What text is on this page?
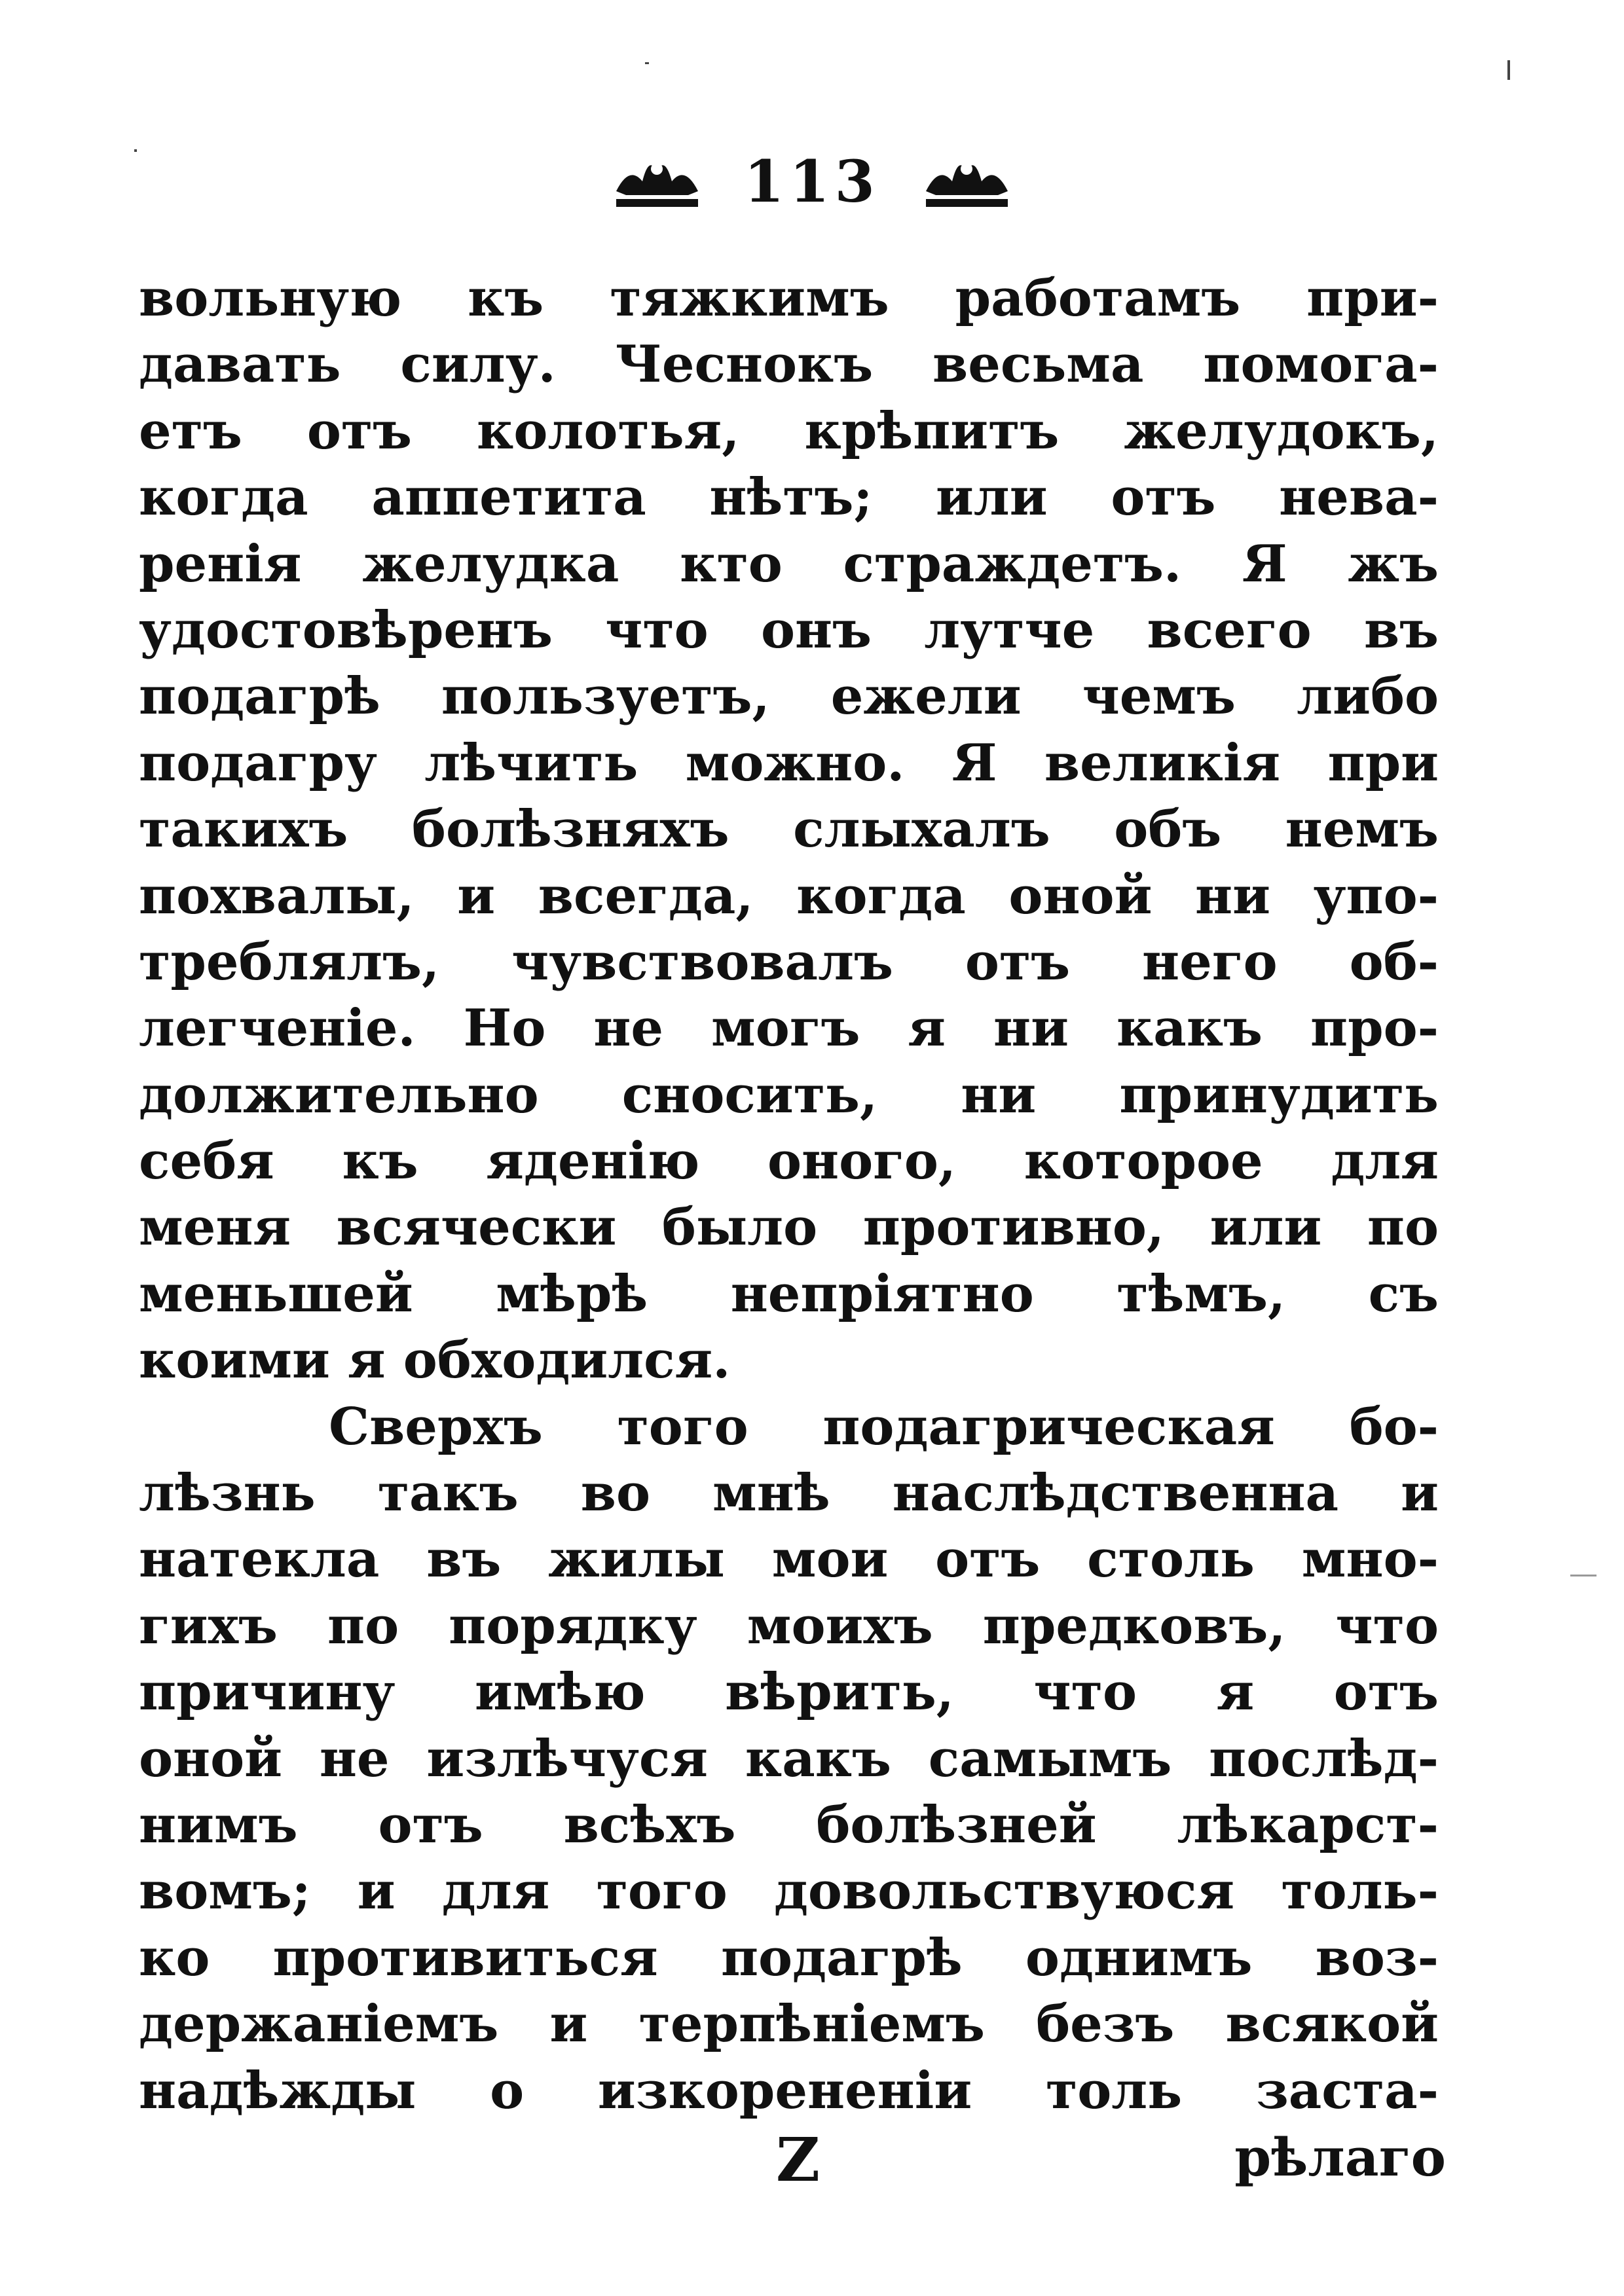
113
вольную къ тяжкимъ работамъ при-
давать силу. Чеснокъ весьма помога-
етъ отъ колотья, крѣпитъ желудокъ,
когда аппетита нѣтъ; или отъ нева-
ренія желудка кто страждетъ. Я жъ
удостовѣренъ что онъ лутче всего въ
подагрѣ пользуетъ, ежели чемъ либо
подагру лѣчить можно. Я великія при
такихъ болѣзняхъ слыхалъ объ немъ
похвалы, и всегда, когда оной ни упо-
треблялъ, чувствовалъ отъ него об-
легченіе. Но не могъ я ни какъ про-
должительно сносить, ни принудить
себя къ яденію оного, которое для
меня всячески было противно, или по
меньшей мѣрѣ непріятно тѣмъ, съ
коими я обходился.
Сверхъ того подагрическая бо-
лѣзнь такъ во мнѣ наслѣдственна и
натекла въ жилы мои отъ столь мно-
гихъ по порядку моихъ предковъ, что
причину имѣю вѣрить, что я отъ
оной не излѣчуся какъ самымъ послѣд-
нимъ отъ всѣхъ болѣзней лѣкарст-
вомъ; и для того довольствуюся толь-
ко противиться подагрѣ однимъ воз-
держаніемъ и терпѣніемъ безъ всякой
надѣжды о изкорененіи толь заста-
Z	рѣлаго
